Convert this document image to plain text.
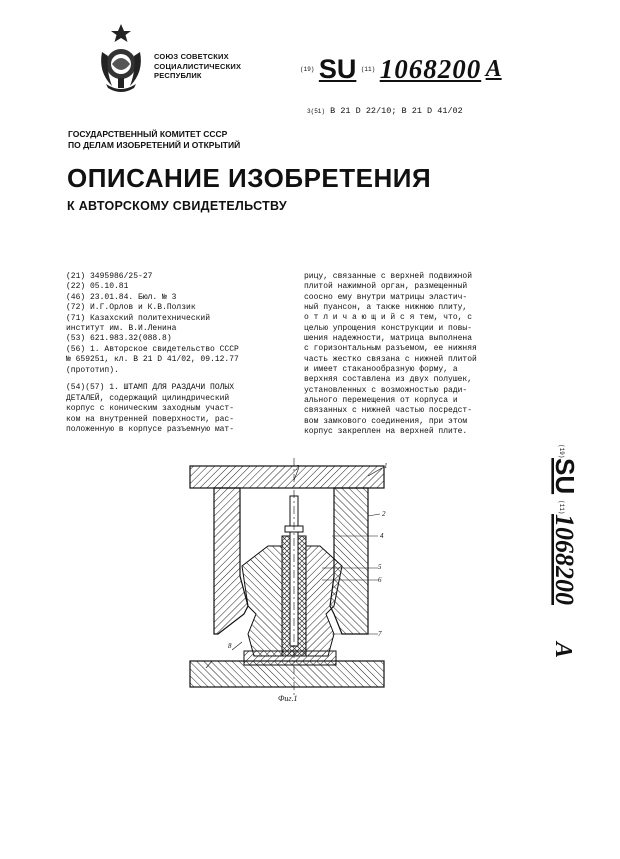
СОЮЗ СОВЕТСКИХ
СОЦИАЛИСТИЧЕСКИХ
РЕСПУБЛИК
(19) SU (11) 1068200 A
3(51) B 21 D 22/10; B 21 D 41/02
ГОСУДАРСТВЕННЫЙ КОМИТЕТ СССР
ПО ДЕЛАМ ИЗОБРЕТЕНИЙ И ОТКРЫТИЙ
ОПИСАНИЕ ИЗОБРЕТЕНИЯ
К АВТОРСКОМУ СВИДЕТЕЛЬСТВУ
(21) 3495986/25-27
(22) 05.10.81
(46) 23.01.84. Бюл. № 3
(72) И.Г.Орлов и К.В.Ползик
(71) Казахский политехнический
институт им. В.И.Ленина
(53) 621.983.32(088.8)
(56) 1. Авторское свидетельство СССР
№ 659251, кл. В 21 D 41/02, 09.12.77
(прототип).
(54)(57) 1. ШТАМП ДЛЯ РАЗДАЧИ ПОЛЫХ
ДЕТАЛЕЙ, содержащий цилиндрический
корпус с коническим заходным участ-
ком на внутренней поверхности, рас-
положенную в корпусе разъемную мат-
рицу, связанные с верхней подвижной
плитой нажимной орган, размещенный
соосно ему внутри матрицы эластич-
ный пуансон, а также нижнюю плиту,
о т л и ч а ю щ и й с я тем, что, с
целью упрощения конструкции и повы-
шения надежности, матрица выполнена
с горизонтальным разъемом, ее нижняя
часть жестко связана с нижней плитой
и имеет стаканообразную форму, а
верхняя составлена из двух полушек,
установленных с возможностью ради-
ального перемещения от корпуса и
связанных с нижней частью посредст-
вом замкового соединения, при этом
корпус закреплен на верхней плите.
1
2
3
4
5
6
7
8
Фиг.1
(19)
SU
(11)
1068200
A
